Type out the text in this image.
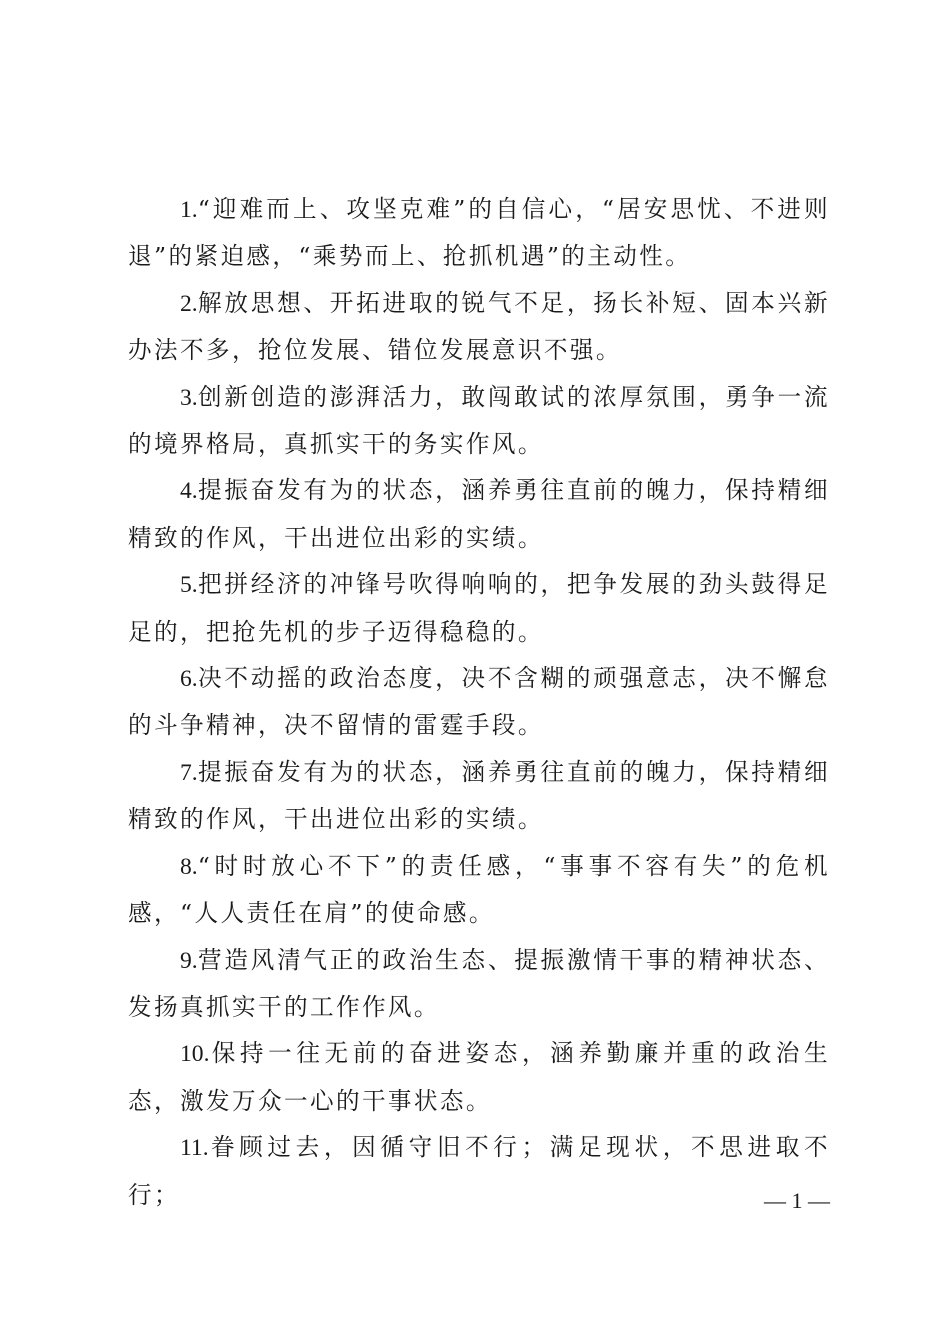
1.“迎难而上、攻坚克难”的自信心，“居安思忧、不进则退”的紧迫感，“乘势而上、抢抓机遇”的主动性。

2.解放思想、开拓进取的锐气不足，扬长补短、固本兴新办法不多，抢位发展、错位发展意识不强。

3.创新创造的澎湃活力，敢闯敢试的浓厚氛围，勇争一流的境界格局，真抓实干的务实作风。

4.提振奋发有为的状态，涵养勇往直前的魄力，保持精细精致的作风，干出进位出彩的实绩。

5.把拼经济的冲锋号吹得响响的，把争发展的劲头鼓得足足的，把抢先机的步子迈得稳稳的。

6.决不动摇的政治态度，决不含糊的顽强意志，决不懈怠的斗争精神，决不留情的雷霆手段。

7.提振奋发有为的状态，涵养勇往直前的魄力，保持精细精致的作风，干出进位出彩的实绩。

8.“时时放心不下”的责任感，“事事不容有失”的危机感，“人人责任在肩”的使命感。

9.营造风清气正的政治生态、提振激情干事的精神状态、发扬真抓实干的工作作风。

10.保持一往无前的奋进姿态，涵养勤廉并重的政治生态，激发万众一心的干事状态。

11.眷顾过去，因循守旧不行；满足现状，不思进取不行；	— 1 —
